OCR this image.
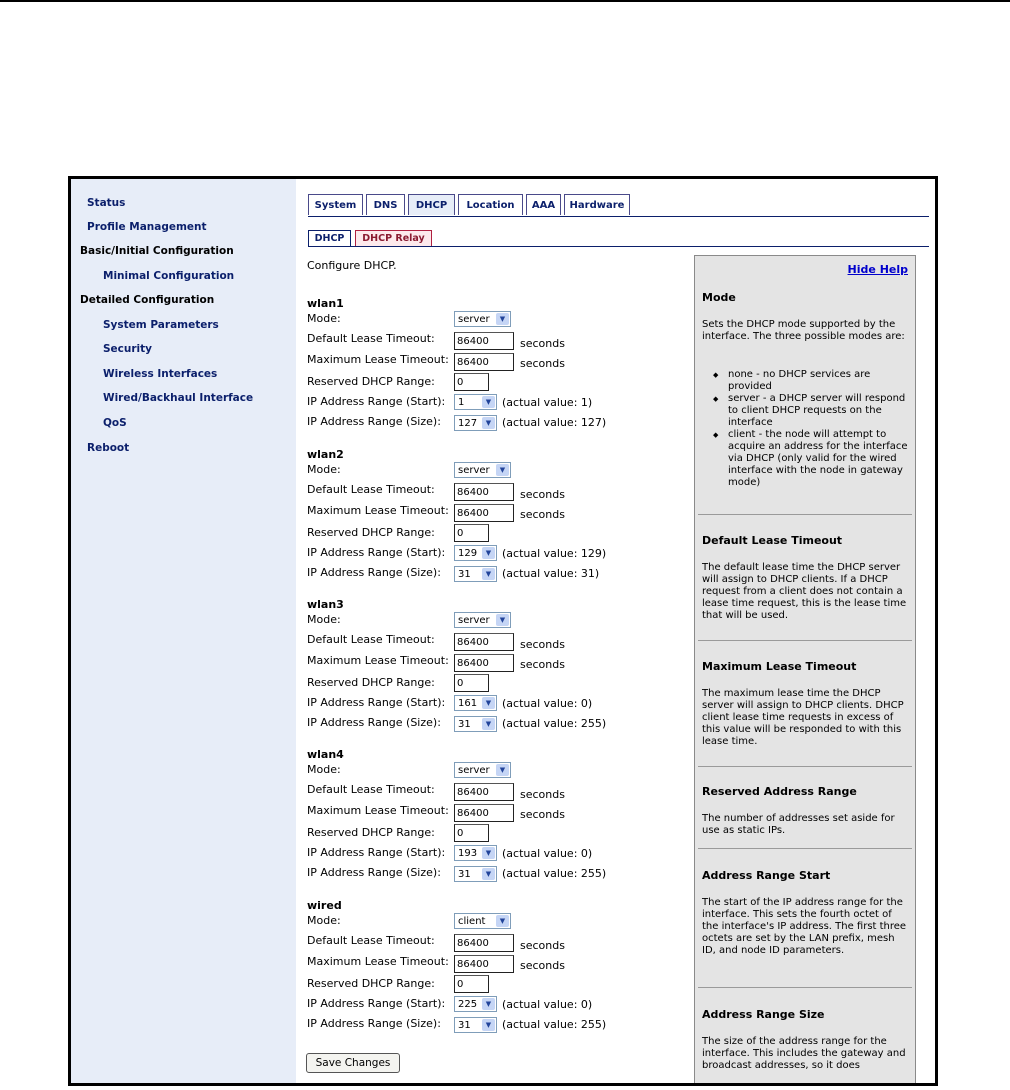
Status
Profile Management
Basic/Initial Configuration
Minimal Configuration
Detailed Configuration
System Parameters
Security
Wireless Interfaces
Wired/Backhaul Interface
QoS
Reboot
System	DNS	DHCP	Location	AAA	Hardware
DHCP	DHCP Relay
Configure DHCP.
wlan1
Mode:	server	▼
Default Lease Timeout:	86400	seconds
Maximum Lease Timeout: 86400	seconds
Reserved DHCP Range:	0
IP Address Range (Start): 1	▼ (actual value: 1)
IP Address Range (Size): 127	▼ (actual value: 127)
wlan2
Mode:	server	▼
Default Lease Timeout:	86400	seconds
Maximum Lease Timeout: 86400	seconds
Reserved DHCP Range:	0
IP Address Range (Start): 129	▼ (actual value: 129)
IP Address Range (Size): 31	▼ (actual value: 31)
wlan3
Mode:	server	▼
Default Lease Timeout:	86400	seconds
Maximum Lease Timeout: 86400	seconds
Reserved DHCP Range:	0
IP Address Range (Start): 161	▼ (actual value: 0)
IP Address Range (Size): 31	▼ (actual value: 255)
wlan4
Mode:	server	▼
Default Lease Timeout:	86400	seconds
Maximum Lease Timeout: 86400	seconds
Reserved DHCP Range:	0
IP Address Range (Start): 193	▼ (actual value: 0)
IP Address Range (Size): 31	▼ (actual value: 255)
wired
Mode:	client	▼
Default Lease Timeout:	86400	seconds
Maximum Lease Timeout: 86400	seconds
Reserved DHCP Range:	0
IP Address Range (Start): 225	▼ (actual value: 0)
IP Address Range (Size): 31	▼ (actual value: 255)
Save Changes
Hide Help
Mode
Sets the DHCP mode supported by the interface. The three possible modes are:
◆ none - no DHCP services are provided
◆ server - a DHCP server will respond to client DHCP requests on the interface
◆ client - the node will attempt to acquire an address for the interface via DHCP (only valid for the wired interface with the node in gateway mode)
Default Lease Timeout
The default lease time the DHCP server will assign to DHCP clients. If a DHCP request from a client does not contain a lease time request, this is the lease time that will be used.
Maximum Lease Timeout
The maximum lease time the DHCP server will assign to DHCP clients. DHCP client lease time requests in excess of this value will be responded to with this lease time.
Reserved Address Range
The number of addresses set aside for use as static IPs.
Address Range Start
The start of the IP address range for the interface. This sets the fourth octet of the interface's IP address. The first three octets are set by the LAN prefix, mesh ID, and node ID parameters.
Address Range Size
The size of the address range for the interface. This includes the gateway and broadcast addresses, so it does
